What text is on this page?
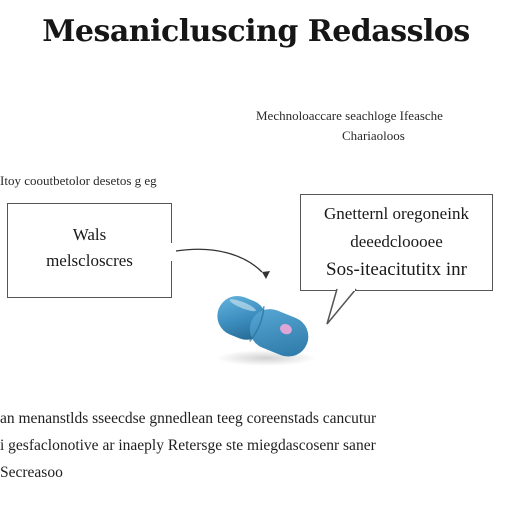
Mesanicluscing Redasslos
Mechnoloaccare seachloge Ifeasche
Chariaoloos
Itoy cooutbetolor desetos g eg
Wals
melscloscres
Gnetternl oregoneink
deeedcloooee
Sos-iteacitutitx inr
an menanstlds sseecdse gnnedlean teeg coreenstads cancutur
i gesfaclonotive ar inaeply Retersge ste miegdascosenr saner
Secreasoo
